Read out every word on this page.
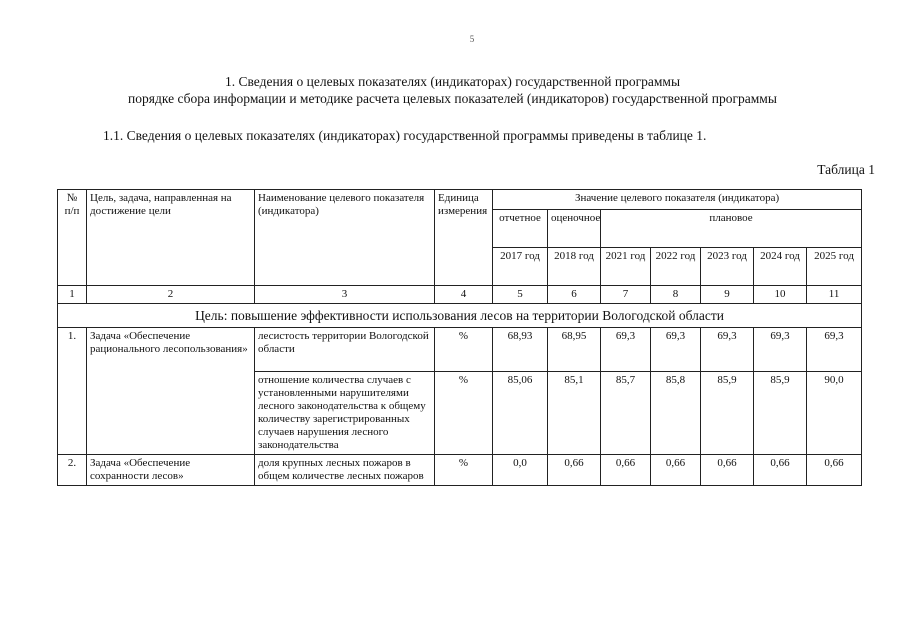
5
1. Сведения о целевых показателях (индикаторах) государственной программы
порядке сбора информации и методике расчета целевых показателей (индикаторов) государственной программы
1.1. Сведения о целевых показателях (индикаторах) государственной программы приведены в таблице 1.
Таблица 1
№ п/п	Цель, задача, направленная на достижение цели	Наименование целевого показателя (индикатора)	Единица измерения	Значение целевого показателя (индикатора)						
				отчетное	оценочное	плановое				
				2017 год	2018 год	2021 год	2022 год	2023 год	2024 год	2025 год
1	2	3	4	5	6	7	8	9	10	11
Цель: повышение эффективности использования лесов на территории Вологодской области										
1.	Задача «Обеспечение рационального лесопользования»	лесистость территории Вологодской области	%	68,93	68,95	69,3	69,3	69,3	69,3	69,3
		отношение количества случаев с установленными нарушителями лесного законодательства к общему количеству зарегистрированных случаев нарушения лесного законодательства	%	85,06	85,1	85,7	85,8	85,9	85,9	90,0
2.	Задача «Обеспечение сохранности лесов»	доля крупных лесных пожаров в общем количестве лесных пожаров	%	0,0	0,66	0,66	0,66	0,66	0,66	0,66
